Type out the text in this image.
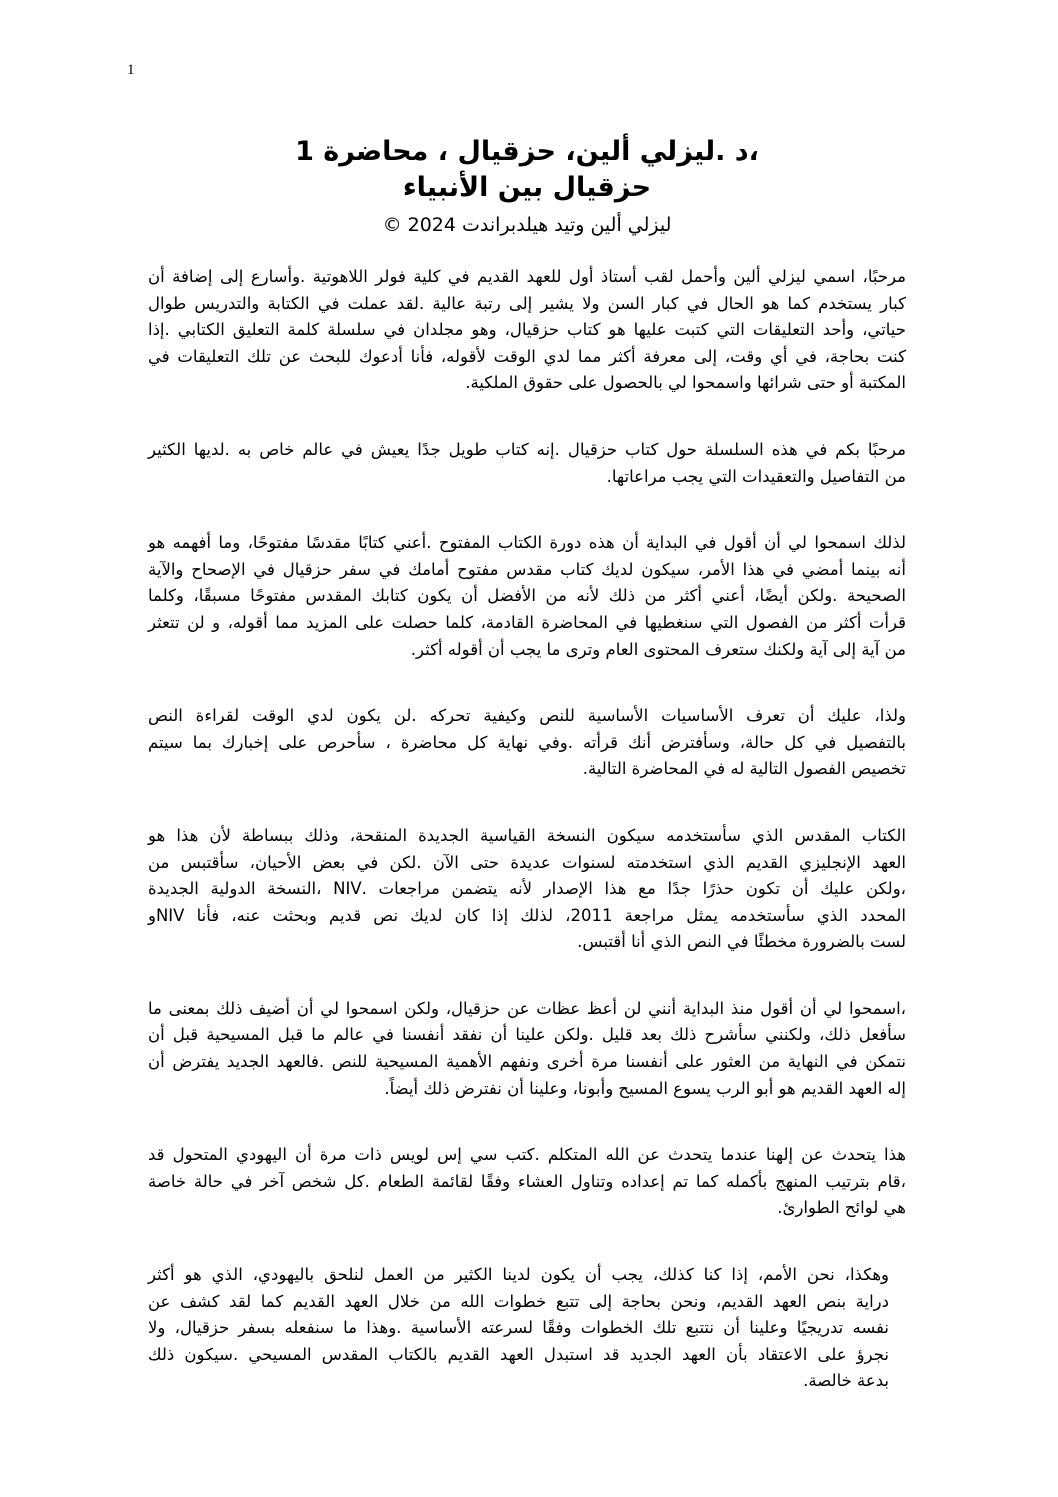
1
،د .ليزلي ألين، حزقيال ، محاضرة 1
حزقيال بين الأنبياء
ليزلي ألين وتيد هيلدبراندت 2024 ©
مرحبًا، اسمي ليزلي ألين وأحمل لقب أستاذ أول للعهد القديم في كلية فولر اللاهوتية .وأسارع إلى إضافة أن
كبار يستخدم كما هو الحال في كبار السن ولا يشير إلى رتبة عالية .لقد عملت في الكتابة والتدريس طوال
حياتي، وأحد التعليقات التي كتبت عليها هو كتاب حزقيال، وهو مجلدان في سلسلة كلمة التعليق الكتابي .إذا
كنت بحاجة، في أي وقت، إلى معرفة أكثر مما لدي الوقت لأقوله، فأنا أدعوك للبحث عن تلك التعليقات في
المكتبة أو حتى شرائها واسمحوا لي بالحصول على حقوق الملكية.
مرحبًا بكم في هذه السلسلة حول كتاب حزقيال .إنه كتاب طويل جدًا يعيش في عالم خاص به .لديها الكثير
من التفاصيل والتعقيدات التي يجب مراعاتها.
لذلك اسمحوا لي أن أقول في البداية أن هذه دورة الكتاب المفتوح .أعني كتابًا مقدسًا مفتوحًا، وما أفهمه هو
أنه بينما أمضي في هذا الأمر، سيكون لديك كتاب مقدس مفتوح أمامك في سفر حزقيال في الإصحاح والآية
الصحيحة .ولكن أيضًا، أعني أكثر من ذلك لأنه من الأفضل أن يكون كتابك المقدس مفتوحًا مسبقًا، وكلما
قرأت أكثر من الفصول التي سنغطيها في المحاضرة القادمة، كلما حصلت على المزيد مما أقوله، و لن تتعثر
من آية إلى آية ولكنك ستعرف المحتوى العام وترى ما يجب أن أقوله أكثر.
ولذا، عليك أن تعرف الأساسيات الأساسية للنص وكيفية تحركه .لن يكون لدي الوقت لقراءة النص
بالتفصيل في كل حالة، وسأفترض أنك قرأته .وفي نهاية كل محاضرة ، سأحرص على إخبارك بما سيتم
تخصيص الفصول التالية له في المحاضرة التالية.
الكتاب المقدس الذي سأستخدمه سيكون النسخة القياسية الجديدة المنقحة، وذلك ببساطة لأن هذا هو
العهد الإنجليزي القديم الذي استخدمته لسنوات عديدة حتى الآن .لكن في بعض الأحيان، سأقتبس من
،ولكن عليك أن تكون حذرًا جدًا مع هذا الإصدار لأنه يتضمن مراجعات .NIV ،النسخة الدولية الجديدة
المحدد الذي سأستخدمه يمثل مراجعة 2011، لذلك إذا كان لديك نص قديم وبحثت عنه، فأنا NIVو
لست بالضرورة مخطئًا في النص الذي أنا أقتبس.
،اسمحوا لي أن أقول منذ البداية أنني لن أعظ عظات عن حزقيال، ولكن اسمحوا لي أن أضيف ذلك بمعنى ما
سأفعل ذلك، ولكنني سأشرح ذلك بعد قليل .ولكن علينا أن نفقد أنفسنا في عالم ما قبل المسيحية قبل أن
نتمكن في النهاية من العثور على أنفسنا مرة أخرى ونفهم الأهمية المسيحية للنص .فالعهد الجديد يفترض أن
إله العهد القديم هو أبو الرب يسوع المسيح وأبونا، وعلينا أن نفترض ذلك أيضاً.
هذا يتحدث عن إلهنا عندما يتحدث عن الله المتكلم .كتب سي إس لويس ذات مرة أن اليهودي المتحول قد
،قام بترتيب المنهج بأكمله كما تم إعداده وتناول العشاء وفقًا لقائمة الطعام .كل شخص آخر في حالة خاصة
هي لوائح الطوارئ.
وهكذا، نحن الأمم، إذا كنا كذلك، يجب أن يكون لدينا الكثير من العمل لنلحق باليهودي، الذي هو أكثر
دراية بنص العهد القديم، ونحن بحاجة إلى تتبع خطوات الله من خلال العهد القديم كما لقد كشف عن
نفسه تدريجيًا وعلينا أن نتتبع تلك الخطوات وفقًا لسرعته الأساسية .وهذا ما سنفعله بسفر حزقيال، ولا
نجرؤ على الاعتقاد بأن العهد الجديد قد استبدل العهد القديم بالكتاب المقدس المسيحي .سيكون ذلك
بدعة خالصة.
